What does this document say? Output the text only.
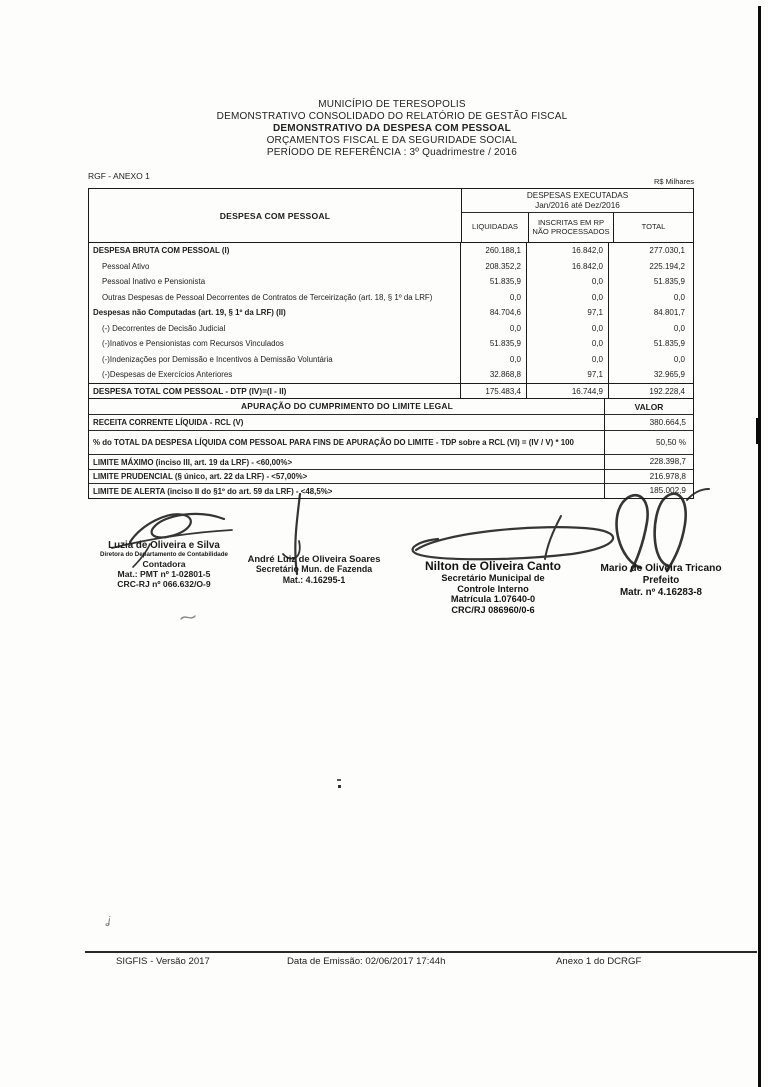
MUNICÍPIO DE TERESOPOLIS
DEMONSTRATIVO CONSOLIDADO DO RELATÓRIO DE GESTÃO FISCAL
DEMONSTRATIVO DA DESPESA COM PESSOAL
ORÇAMENTOS FISCAL E DA SEGURIDADE SOCIAL
PERÍODO DE REFERÊNCIA : 3º Quadrimestre / 2016
RGF - ANEXO 1
R$ Milhares
DESPESA COM PESSOAL
DESPESAS EXECUTADAS
Jan/2016 até Dez/2016
LIQUIDADAS	INSCRITAS EM RP NÃO PROCESSADOS	TOTAL
DESPESA BRUTA COM PESSOAL (I)	260.188,1	16.842,0	277.030,1
Pessoal Ativo	208.352,2	16.842,0	225.194,2
Pessoal Inativo e Pensionista	51.835,9	0,0	51.835,9
Outras Despesas de Pessoal Decorrentes de Contratos de Terceirização (art. 18, § 1º da LRF)	0,0	0,0	0,0
Despesas não Computadas (art. 19, § 1º da LRF) (II)	84.704,6	97,1	84.801,7
(-) Decorrentes de Decisão Judicial	0,0	0,0	0,0
(-)Inativos e Pensionistas com Recursos Vinculados	51.835,9	0,0	51.835,9
(-)Indenizações por Demissão e Incentivos à Demissão Voluntária	0,0	0,0	0,0
(-)Despesas de Exercícios Anteriores	32.868,8	97,1	32.965,9
DESPESA TOTAL COM PESSOAL - DTP (IV)=(I - II)	175.483,4	16.744,9	192.228,4
APURAÇÃO DO CUMPRIMENTO DO LIMITE LEGAL	VALOR
RECEITA CORRENTE LÍQUIDA - RCL (V)	380.664,5
% do TOTAL DA DESPESA LÍQUIDA COM PESSOAL PARA FINS DE APURAÇÃO DO LIMITE - TDP sobre a RCL (VI) = (IV / V) * 100	50,50 %
LIMITE MÁXIMO (inciso III, art. 19 da LRF) - <60,00%>	228.398,7
LIMITE PRUDENCIAL (§ único, art. 22 da LRF) - <57,00%>	216.978,8
LIMITE DE ALERTA (inciso II do §1º do art. 59 da LRF) - <48,5%>	185.002,9
Luzia de Oliveira e Silva
Diretora do Departamento de Contabilidade
Contadora
Mat.: PMT nº 1-02801-5
CRC-RJ nº 066.632/O-9
André Luiz de Oliveira Soares
Secretário Mun. de Fazenda
Mat.: 4.16295-1
Nilton de Oliveira Canto
Secretário Municipal de
Controle Interno
Matrícula 1.07640-0
CRC/RJ 086960/0-6
Mario de Oliveira Tricano
Prefeito
Matr. nº 4.16283-8
​ʝ
SIGFIS - Versão 2017	Data de Emissão: 02/06/2017 17:44h	Anexo 1 do DCRGF
